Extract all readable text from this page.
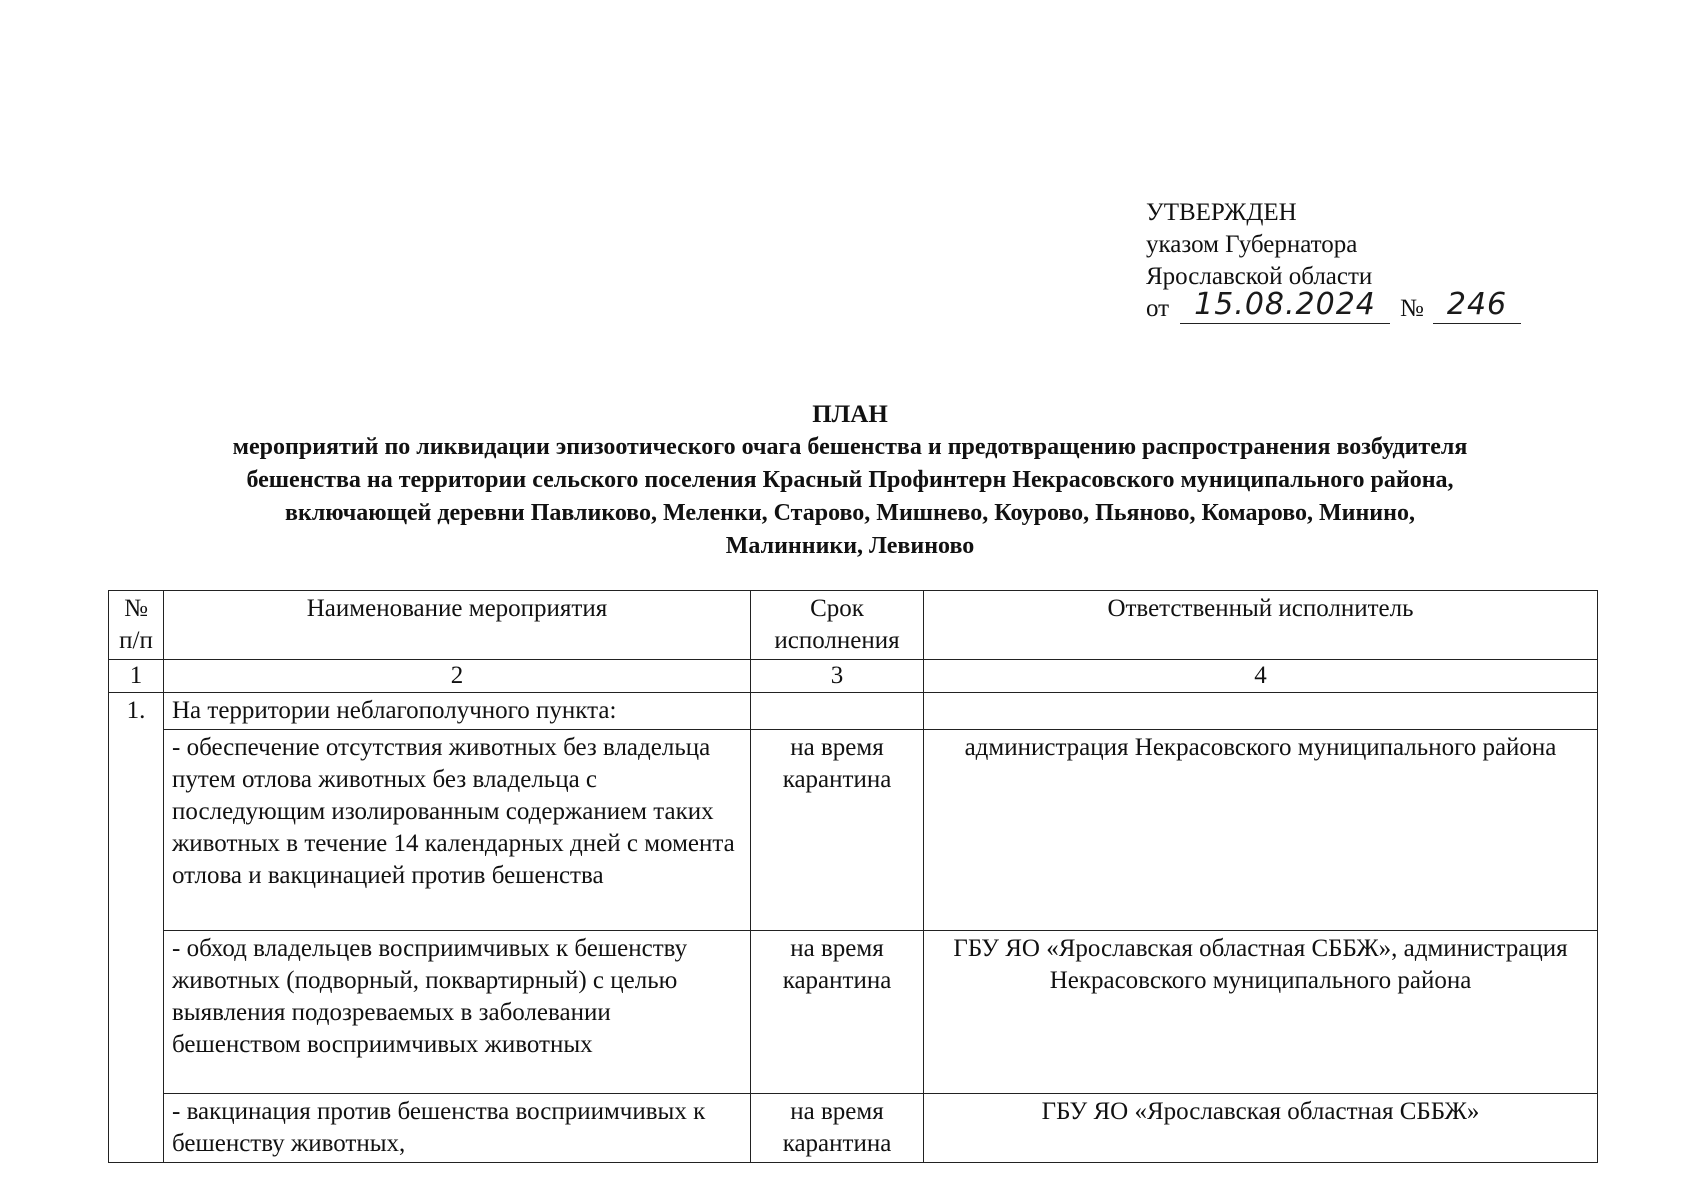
УТВЕРЖДЕН
указом Губернатора
Ярославской области
от 15.08.2024 № 246
ПЛАН
мероприятий по ликвидации эпизоотического очага бешенства и предотвращению распространения возбудителя
бешенства на территории сельского поселения Красный Профинтерн Некрасовского муниципального района,
включающей деревни Павликово, Меленки, Старово, Мишнево, Коурово, Пьяново, Комарово, Минино,
Малинники, Левиново
№ п/п	Наименование мероприятия	Срок исполнения	Ответственный исполнитель
1	2	3	4
1.	На территории неблагополучного пункта:		
	- обеспечение отсутствия животных без владельца путем отлова животных без владельца с последующим изолированным содержанием таких животных в течение 14 календарных дней с момента отлова и вакцинацией против бешенства	на время карантина	администрация Некрасовского муниципального района
	- обход владельцев восприимчивых к бешенству животных (подворный, поквартирный) с целью выявления подозреваемых в заболевании бешенством восприимчивых животных	на время карантина	ГБУ ЯО «Ярославская областная СББЖ», администрация Некрасовского муниципального района
	- вакцинация против бешенства восприимчивых к бешенству животных,	на время карантина	ГБУ ЯО «Ярославская областная СББЖ»
